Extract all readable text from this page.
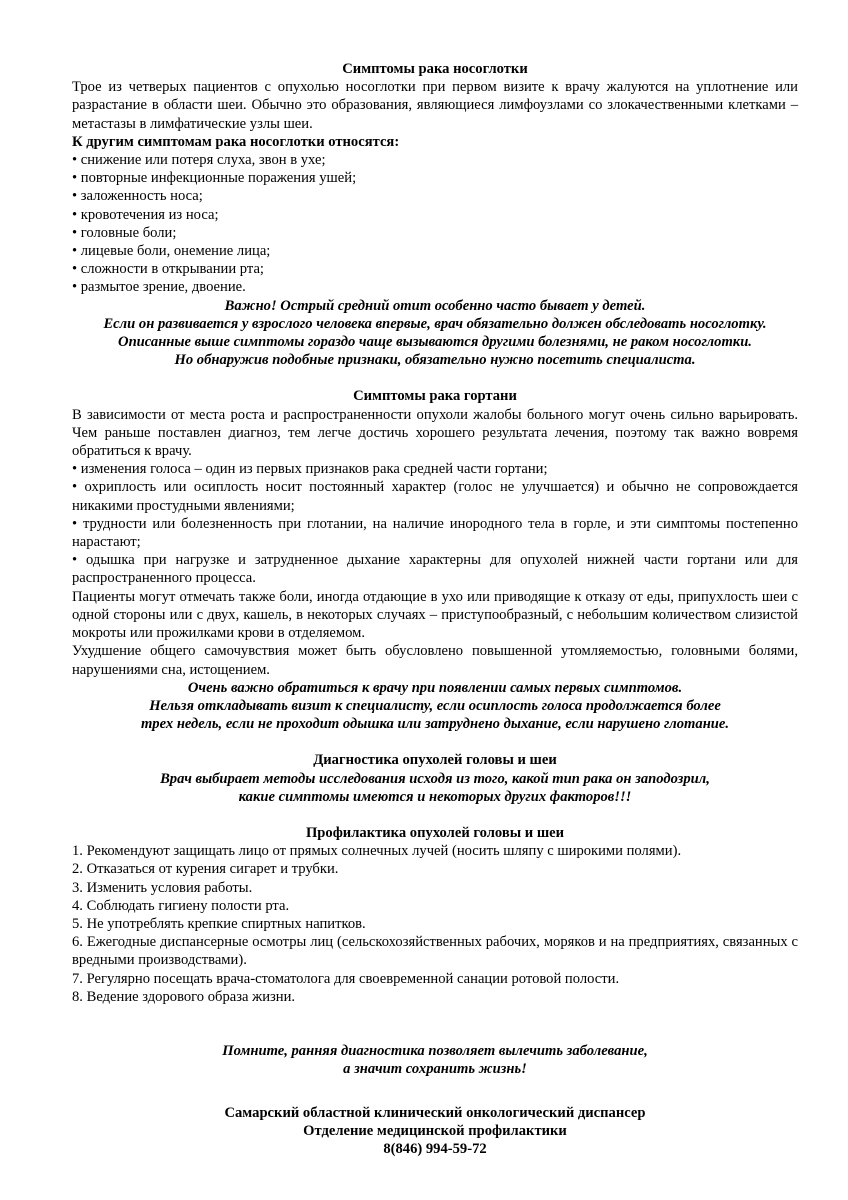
Симптомы рака носоглотки

Трое из четверых пациентов с опухолью носоглотки при первом визите к врачу жалуются на уплотнение или разрастание в области шеи. Обычно это образования, являющиеся лимфоузлами со злокачественными клетками – метастазы в лимфатические узлы шеи.

К другим симптомам рака носоглотки относятся:

• снижение или потеря слуха, звон в ухе;

• повторные инфекционные поражения ушей;

• заложенность носа;

• кровотечения из носа;

• головные боли;

• лицевые боли, онемение лица;

• сложности в открывании рта;

• размытое зрение, двоение.

Важно! Острый средний отит особенно часто бывает у детей.

Если он развивается у взрослого человека впервые, врач обязательно должен обследовать носоглотку.

Описанные выше симптомы гораздо чаще вызываются другими болезнями, не раком носоглотки.

Но обнаружив подобные признаки, обязательно нужно посетить специалиста.

Симптомы рака гортани

В зависимости от места роста и распространенности опухоли жалобы больного могут очень сильно варьировать. Чем раньше поставлен диагноз, тем легче достичь хорошего результата лечения, поэтому так важно вовремя обратиться к врачу.

• изменения голоса – один из первых признаков рака средней части гортани;

• охриплость или осиплость носит постоянный характер (голос не улучшается) и обычно не сопровождается никакими простудными явлениями;

• трудности или болезненность при глотании, на наличие инородного тела в горле, и эти симптомы постепенно нарастают;

• одышка при нагрузке и затрудненное дыхание характерны для опухолей нижней части гортани или для распространенного процесса.

Пациенты могут отмечать также боли, иногда отдающие в ухо или приводящие к отказу от еды, припухлость шеи с одной стороны или с двух, кашель, в некоторых случаях – приступообразный, с небольшим количеством слизистой мокроты или прожилками крови в отделяемом.

Ухудшение общего самочувствия может быть обусловлено повышенной утомляемостью, головными болями, нарушениями сна, истощением.

Очень важно обратиться к врачу при появлении самых первых симптомов.

Нельзя откладывать визит к специалисту, если осиплость голоса продолжается более

трех недель, если не проходит одышка или затруднено дыхание, если нарушено глотание.

Диагностика опухолей головы и шеи

Врач выбирает методы исследования исходя из того, какой тип рака он заподозрил,

какие симптомы имеются и некоторых других факторов!!!

Профилактика опухолей головы и шеи

1. Рекомендуют защищать лицо от прямых солнечных лучей (носить шляпу с широкими полями).

2. Отказаться от курения сигарет и трубки.

3. Изменить условия работы.

4. Соблюдать гигиену полости рта.

5. Не употреблять крепкие спиртных напитков.

6. Ежегодные диспансерные осмотры лиц (сельскохозяйственных рабочих, моряков и на предприятиях, связанных с вредными производствами).

7. Регулярно посещать врача-стоматолога для своевременной санации ротовой полости.

8. Ведение здорового образа жизни.

Помните, ранняя диагностика позволяет вылечить заболевание,

а значит сохранить жизнь!

Самарский областной клинический онкологический диспансер

Отделение медицинской профилактики

8(846) 994-59-72
